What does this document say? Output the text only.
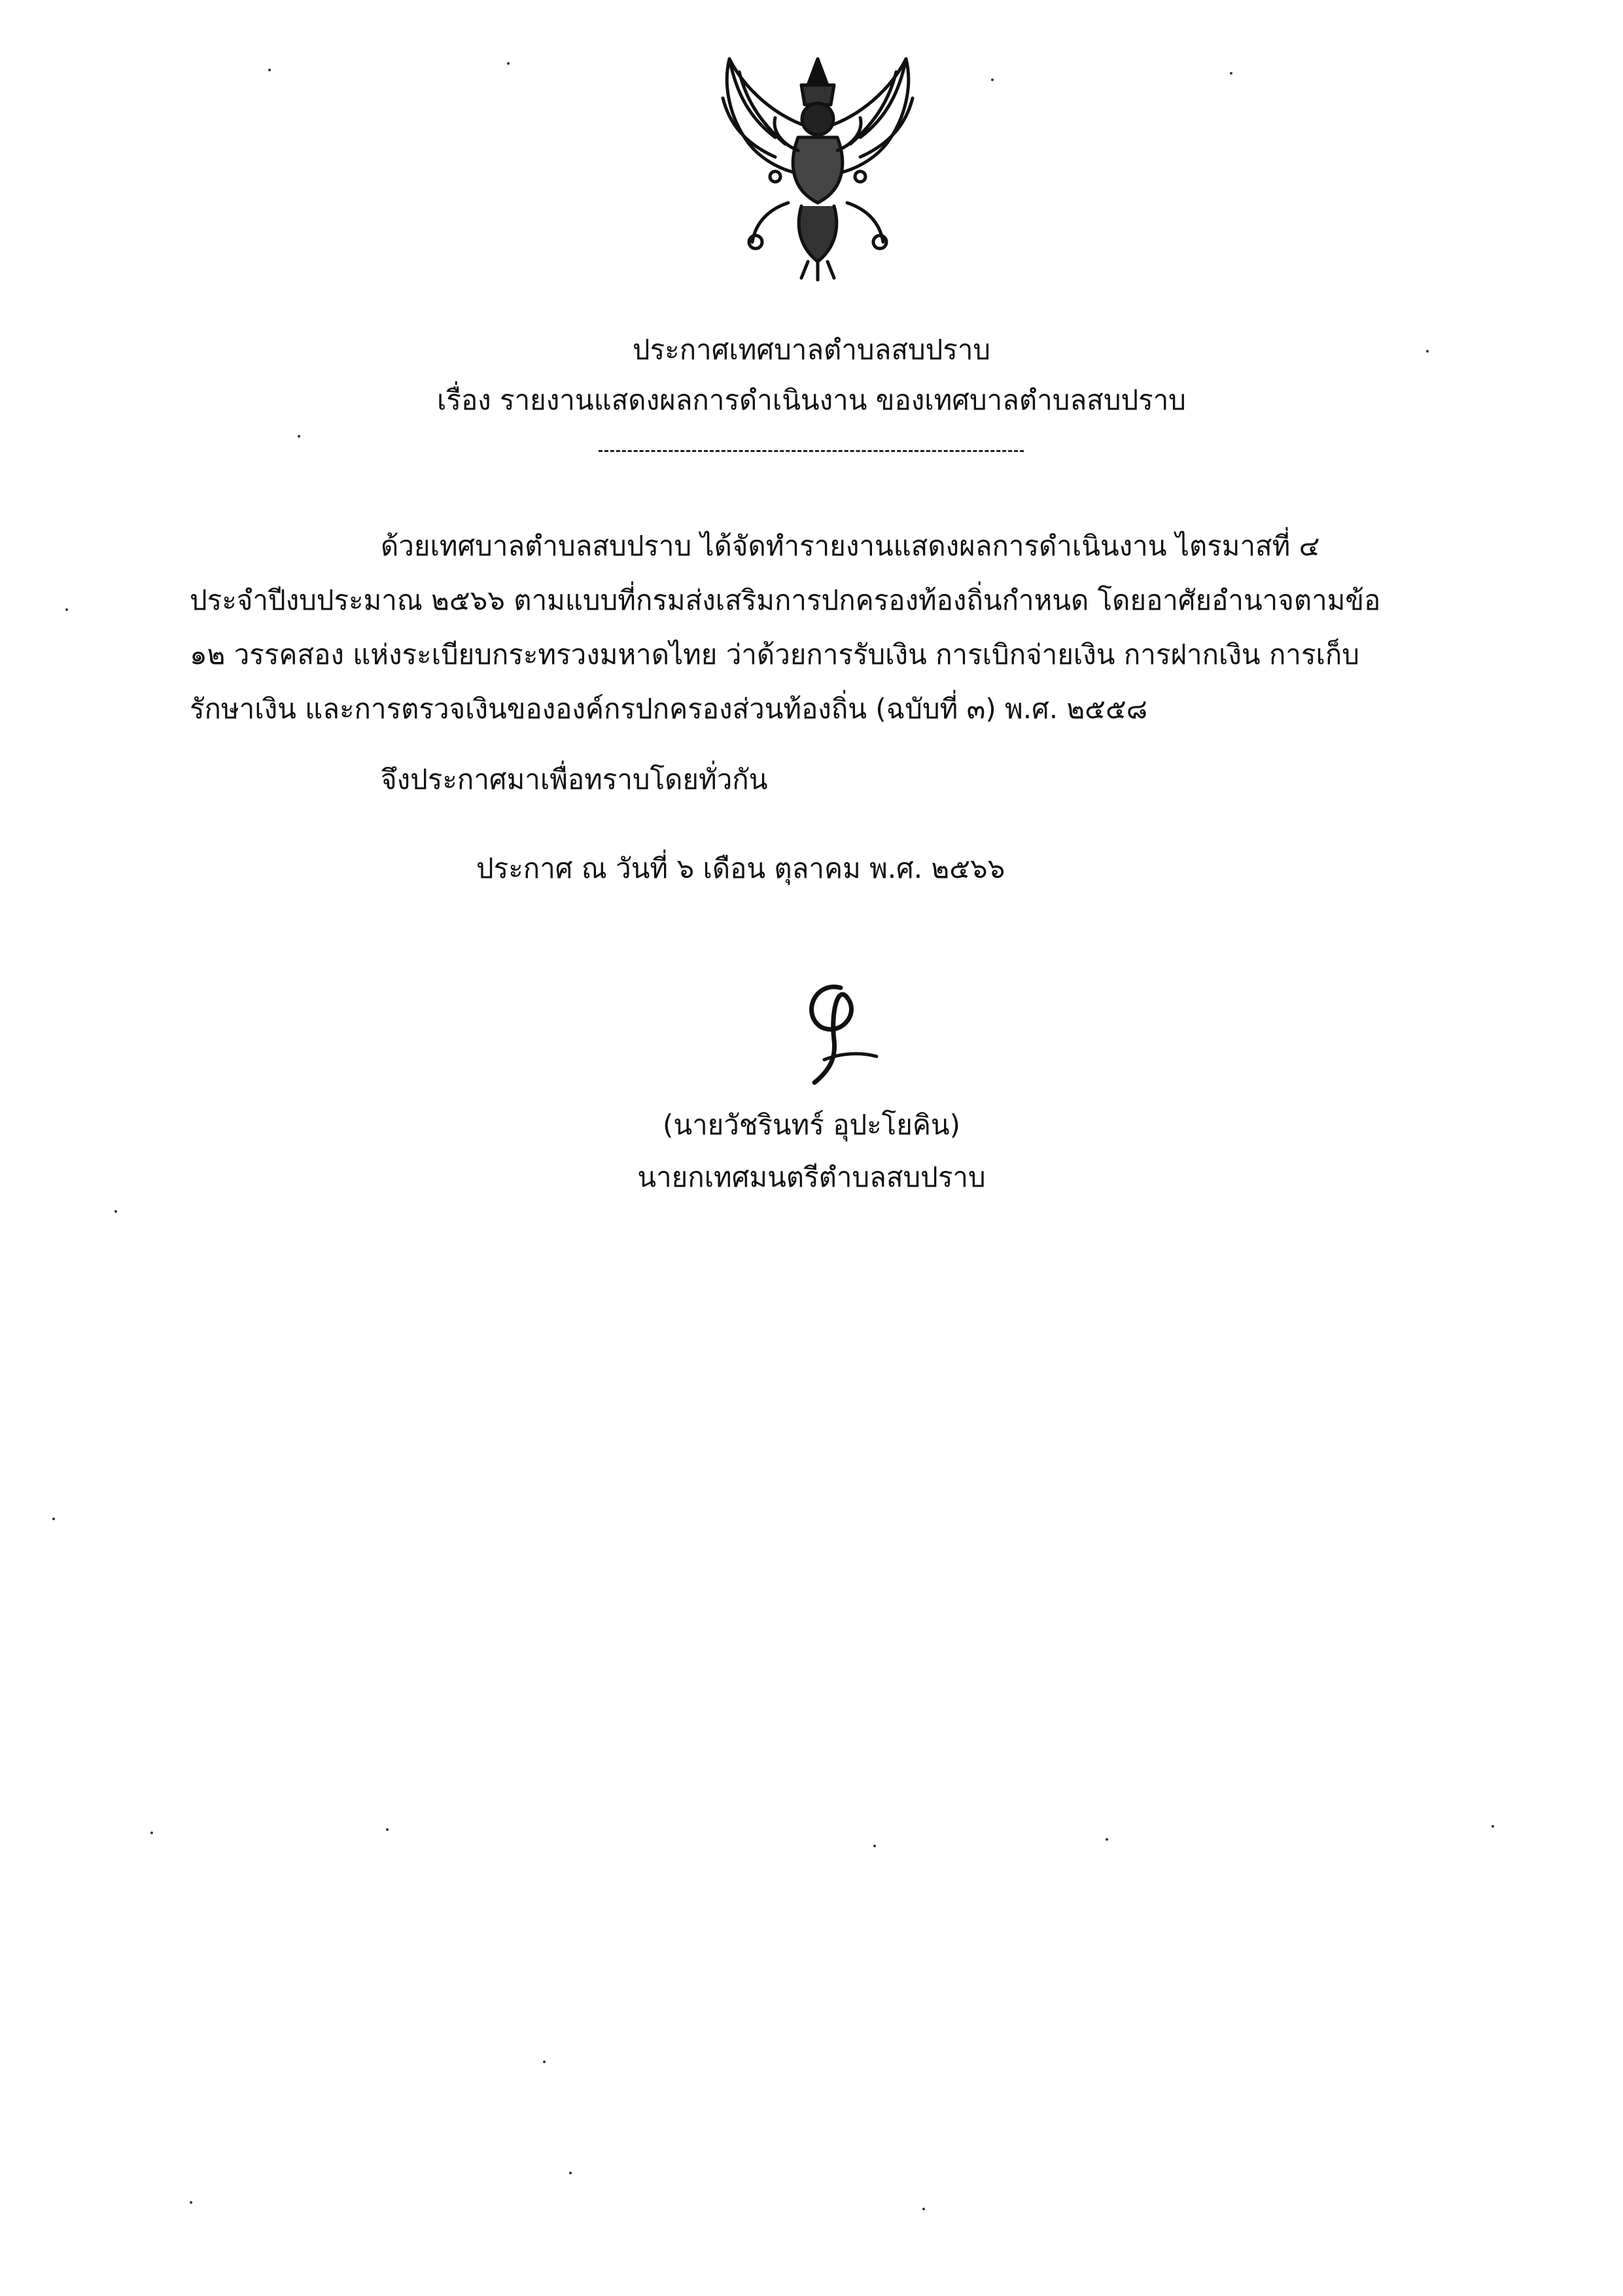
ประกาศเทศบาลตำบลสบปราบ
เรื่อง รายงานแสดงผลการดำเนินงาน ของเทศบาลตำบลสบปราบ
ด้วยเทศบาลตำบลสบปราบ ได้จัดทำรายงานแสดงผลการดำเนินงาน ไตรมาสที่ ๔
ประจำปีงบประมาณ ๒๕๖๖ ตามแบบที่กรมส่งเสริมการปกครองท้องถิ่นกำหนด โดยอาศัยอำนาจตามข้อ
๑๒ วรรคสอง แห่งระเบียบกระทรวงมหาดไทย ว่าด้วยการรับเงิน การเบิกจ่ายเงิน การฝากเงิน การเก็บ
รักษาเงิน และการตรวจเงินขององค์กรปกครองส่วนท้องถิ่น (ฉบับที่ ๓) พ.ศ. ๒๕๕๘
จึงประกาศมาเพื่อทราบโดยทั่วกัน
ประกาศ ณ วันที่ ๖ เดือน ตุลาคม พ.ศ. ๒๕๖๖
(นายวัชรินทร์ อุปะโยคิน)
นายกเทศมนตรีตำบลสบปราบ
